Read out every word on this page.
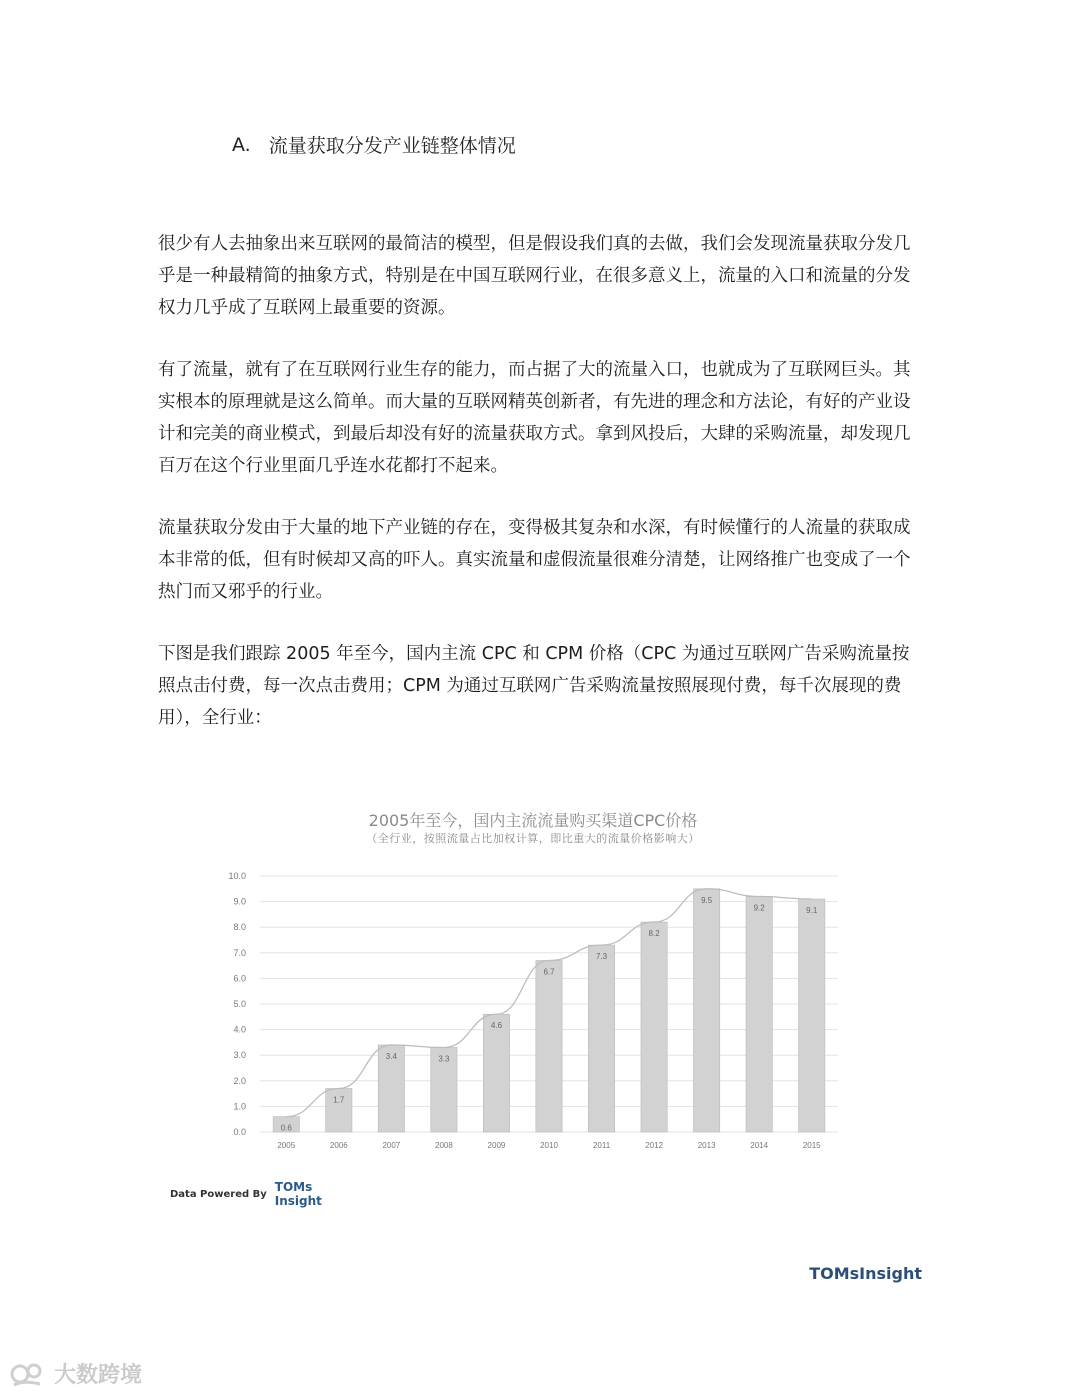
A. 流量获取分发产业链整体情况

很少有人去抽象出来互联网的最简洁的模型，但是假设我们真的去做，我们会发现流量获取分发几乎是一种最精简的抽象方式，特别是在中国互联网行业，在很多意义上，流量的入口和流量的分发权力几乎成了互联网上最重要的资源。

有了流量，就有了在互联网行业生存的能力，而占据了大的流量入口，也就成为了互联网巨头。其实根本的原理就是这么简单。而大量的互联网精英创新者，有先进的理念和方法论，有好的产业设计和完美的商业模式，到最后却没有好的流量获取方式。拿到风投后，大肆的采购流量，却发现几百万在这个行业里面几乎连水花都打不起来。

流量获取分发由于大量的地下产业链的存在，变得极其复杂和水深，有时候懂行的人流量的获取成本非常的低，但有时候却又高的吓人。真实流量和虚假流量很难分清楚，让网络推广也变成了一个热门而又邪乎的行业。

下图是我们跟踪 2005 年至今，国内主流 CPC 和 CPM 价格（CPC 为通过互联网广告采购流量按照点击付费，每一次点击费用；CPM 为通过互联网广告采购流量按照展现付费，每千次展现的费用），全行业：

2005年至今，国内主流流量购买渠道CPC价格
（全行业，按照流量占比加权计算，即比重大的流量价格影响大）
0.0
1.0
2.0
3.0
4.0
5.0
6.0
7.0
8.0
9.0
10.0
0.6
2005
1.7
2006
3.4
2007
3.3
2008
4.6
2009
6.7
2010
7.3
2011
8.2
2012
9.5
2013
9.2
2014
9.1
2015
Data Powered By TOMs
Insight
TOMsInsight
大数跨境
